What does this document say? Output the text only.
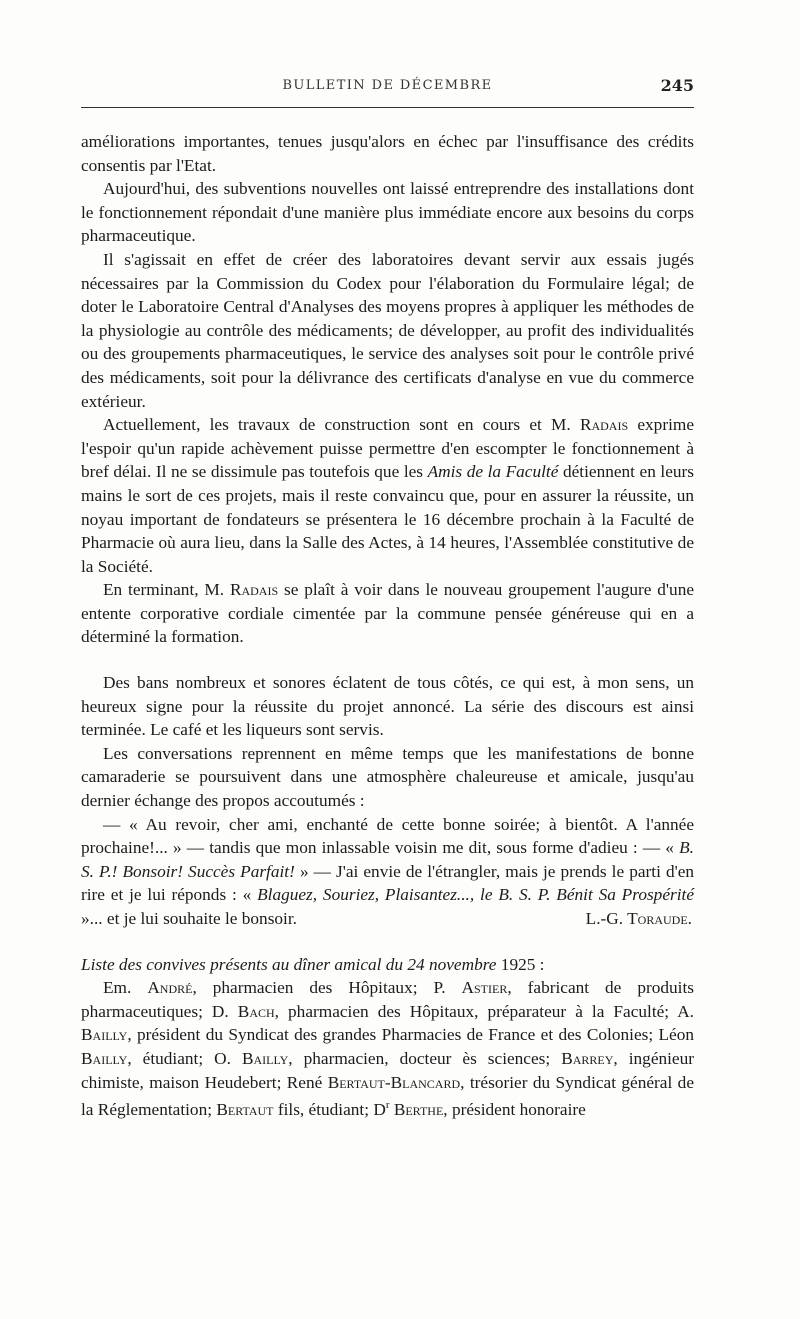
BULLETIN DE DÉCEMBRE	245

améliorations importantes, tenues jusqu'alors en échec par l'insuffisance des crédits consentis par l'Etat.

Aujourd'hui, des subventions nouvelles ont laissé entreprendre des installations dont le fonctionnement répondait d'une manière plus immédiate encore aux besoins du corps pharmaceutique.

Il s'agissait en effet de créer des laboratoires devant servir aux essais jugés nécessaires par la Commission du Codex pour l'élaboration du Formulaire légal; de doter le Laboratoire Central d'Analyses des moyens propres à appliquer les méthodes de la physiologie au contrôle des médicaments; de développer, au profit des individualités ou des groupements pharmaceutiques, le service des analyses soit pour le contrôle privé des médicaments, soit pour la délivrance des certificats d'analyse en vue du commerce extérieur.

Actuellement, les travaux de construction sont en cours et M. Radais exprime l'espoir qu'un rapide achèvement puisse permettre d'en escompter le fonctionnement à bref délai. Il ne se dissimule pas toutefois que les Amis de la Faculté détiennent en leurs mains le sort de ces projets, mais il reste convaincu que, pour en assurer la réussite, un noyau important de fondateurs se présentera le 16 décembre prochain à la Faculté de Pharmacie où aura lieu, dans la Salle des Actes, à 14 heures, l'Assemblée constitutive de la Société.

En terminant, M. Radais se plaît à voir dans le nouveau groupement l'augure d'une entente corporative cordiale cimentée par la commune pensée généreuse qui en a déterminé la formation.

Des bans nombreux et sonores éclatent de tous côtés, ce qui est, à mon sens, un heureux signe pour la réussite du projet annoncé. La série des discours est ainsi terminée. Le café et les liqueurs sont servis.

Les conversations reprennent en même temps que les manifestations de bonne camaraderie se poursuivent dans une atmosphère chaleureuse et amicale, jusqu'au dernier échange des propos accoutumés :

— « Au revoir, cher ami, enchanté de cette bonne soirée; à bientôt. A l'année prochaine!... » — tandis que mon inlassable voisin me dit, sous forme d'adieu : — « B. S. P.! Bonsoir! Succès Parfait! » — J'ai envie de l'étrangler, mais je prends le parti d'en rire et je lui réponds : « Blaguez, Souriez, Plaisantez..., le B. S. P. Bénit Sa Prospérité »... et je lui souhaite le bonsoir.	L.-G. Toraude.

Liste des convives présents au dîner amical du 24 novembre 1925 :

Em. André, pharmacien des Hôpitaux; P. Astier, fabricant de produits pharmaceutiques; D. Bach, pharmacien des Hôpitaux, préparateur à la Faculté; A. Bailly, président du Syndicat des grandes Pharmacies de France et des Colonies; Léon Bailly, étudiant; O. Bailly, pharmacien, docteur ès sciences; Barrey, ingénieur chimiste, maison Heudebert; René Bertaut-Blancard, trésorier du Syndicat général de la Réglementation; Bertaut fils, étudiant; $D^r$ Berthe, président honoraire
